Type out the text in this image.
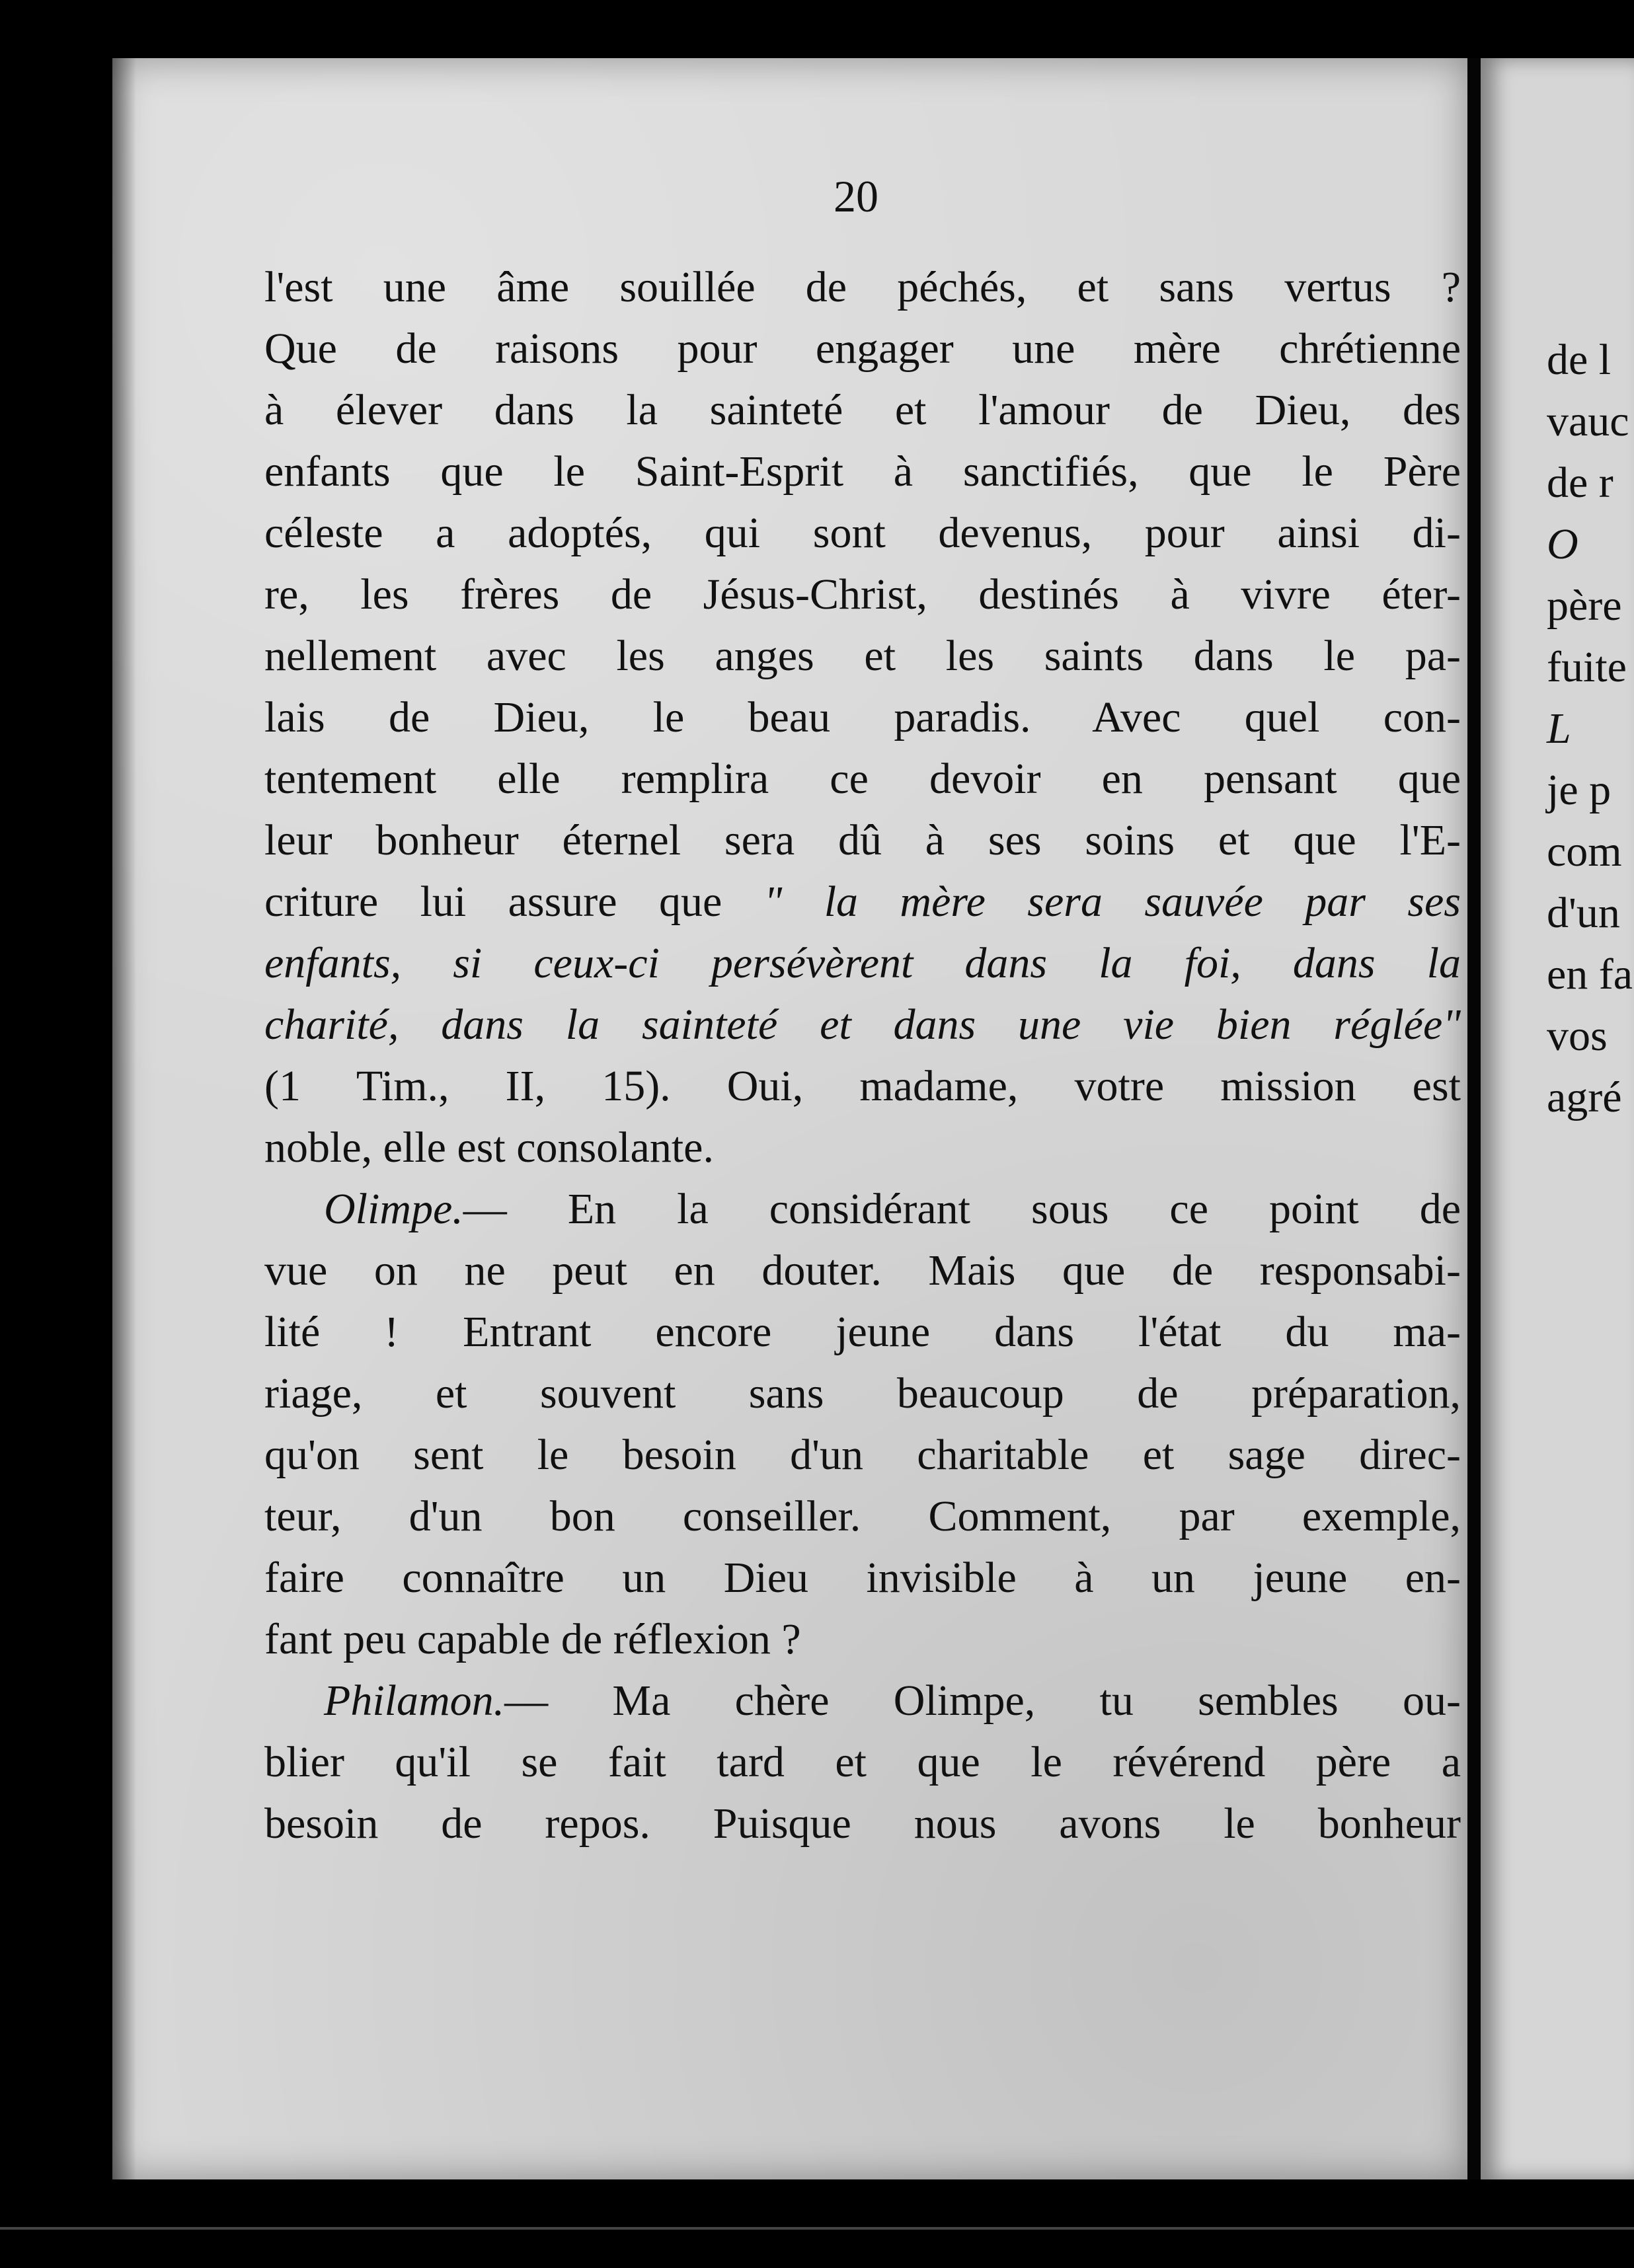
20
l'est une âme souillée de péchés, et sans vertus ?
Que de raisons pour engager une mère chrétienne
à élever dans la sainteté et l'amour de Dieu, des
enfants que le Saint-Esprit à sanctifiés, que le Père
céleste a adoptés, qui sont devenus, pour ainsi di-
re, les frères de Jésus-Christ, destinés à vivre éter-
nellement avec les anges et les saints dans le pa-
lais de Dieu, le beau paradis. Avec quel con-
tentement elle remplira ce devoir en pensant que
leur bonheur éternel sera dû à ses soins et que l'E-
criture lui assure que " la mère sera sauvée par ses
enfants, si ceux-ci persévèrent dans la foi, dans la
charité, dans la sainteté et dans une vie bien réglée"
(1 Tim., II, 15). Oui, madame, votre mission est
noble, elle est consolante.
Olimpe.— En la considérant sous ce point de
vue on ne peut en douter. Mais que de responsabi-
lité ! Entrant encore jeune dans l'état du ma-
riage, et souvent sans beaucoup de préparation,
qu'on sent le besoin d'un charitable et sage direc-
teur, d'un bon conseiller. Comment, par exemple,
faire connaître un Dieu invisible à un jeune en-
fant peu capable de réflexion ?
Philamon.— Ma chère Olimpe, tu sembles ou-
blier qu'il se fait tard et que le révérend père a
besoin de repos. Puisque nous avons le bonheur
de l
vauc
de r
O
père
fuite
L
je p
com
d'un
en fa
vos
agré
